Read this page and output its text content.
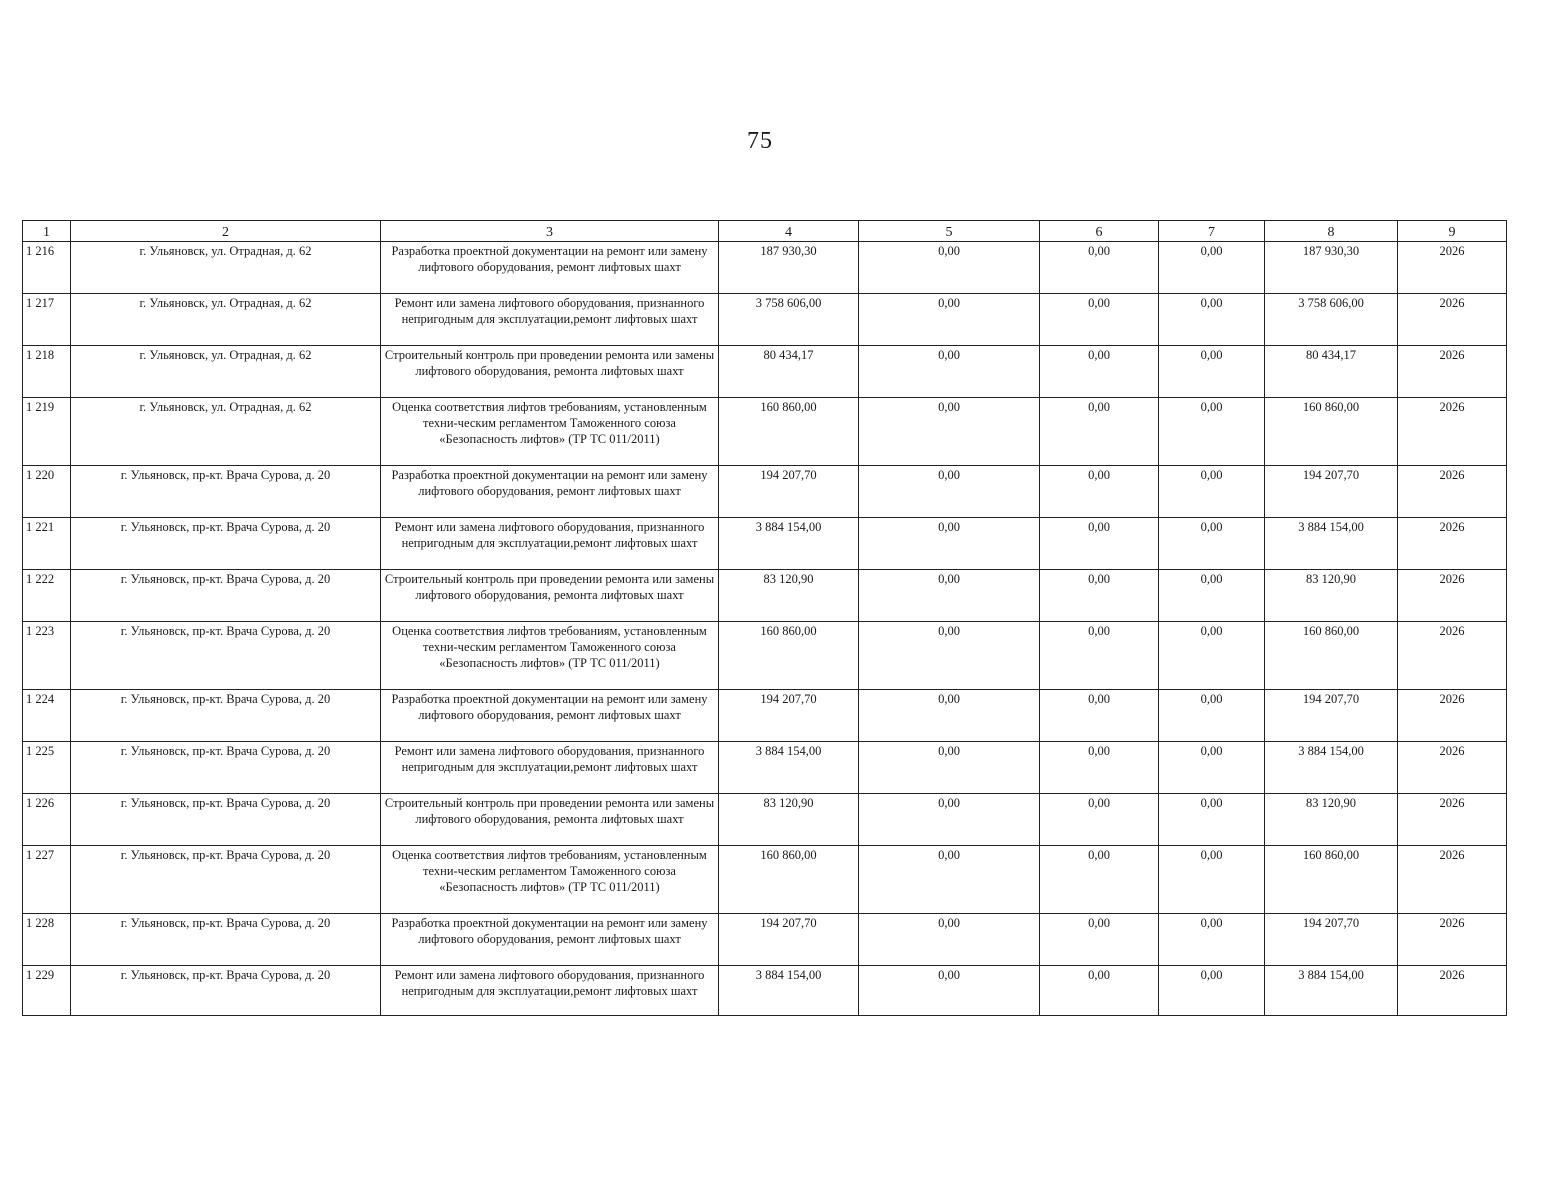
75
1	2	3	4	5	6	7	8	9
1 216	г. Ульяновск, ул. Отрадная, д. 62	Разработка проектной документации на ремонт или замену лифтового оборудования, ремонт лифтовых шахт	187 930,30	0,00	0,00	0,00	187 930,30	2026
1 217	г. Ульяновск, ул. Отрадная, д. 62	Ремонт или замена лифтового оборудования, признанного непригодным для эксплуатации,ремонт лифтовых шахт	3 758 606,00	0,00	0,00	0,00	3 758 606,00	2026
1 218	г. Ульяновск, ул. Отрадная, д. 62	Строительный контроль при проведении ремонта или замены лифтового оборудования, ремонта лифтовых шахт	80 434,17	0,00	0,00	0,00	80 434,17	2026
1 219	г. Ульяновск, ул. Отрадная, д. 62	Оценка соответствия лифтов требованиям, установленным техни-ческим регламентом Таможенного союза «Безопасность лифтов» (ТР ТС 011/2011)	160 860,00	0,00	0,00	0,00	160 860,00	2026
1 220	г. Ульяновск, пр-кт. Врача Сурова, д. 20	Разработка проектной документации на ремонт или замену лифтового оборудования, ремонт лифтовых шахт	194 207,70	0,00	0,00	0,00	194 207,70	2026
1 221	г. Ульяновск, пр-кт. Врача Сурова, д. 20	Ремонт или замена лифтового оборудования, признанного непригодным для эксплуатации,ремонт лифтовых шахт	3 884 154,00	0,00	0,00	0,00	3 884 154,00	2026
1 222	г. Ульяновск, пр-кт. Врача Сурова, д. 20	Строительный контроль при проведении ремонта или замены лифтового оборудования, ремонта лифтовых шахт	83 120,90	0,00	0,00	0,00	83 120,90	2026
1 223	г. Ульяновск, пр-кт. Врача Сурова, д. 20	Оценка соответствия лифтов требованиям, установленным техни-ческим регламентом Таможенного союза «Безопасность лифтов» (ТР ТС 011/2011)	160 860,00	0,00	0,00	0,00	160 860,00	2026
1 224	г. Ульяновск, пр-кт. Врача Сурова, д. 20	Разработка проектной документации на ремонт или замену лифтового оборудования, ремонт лифтовых шахт	194 207,70	0,00	0,00	0,00	194 207,70	2026
1 225	г. Ульяновск, пр-кт. Врача Сурова, д. 20	Ремонт или замена лифтового оборудования, признанного непригодным для эксплуатации,ремонт лифтовых шахт	3 884 154,00	0,00	0,00	0,00	3 884 154,00	2026
1 226	г. Ульяновск, пр-кт. Врача Сурова, д. 20	Строительный контроль при проведении ремонта или замены лифтового оборудования, ремонта лифтовых шахт	83 120,90	0,00	0,00	0,00	83 120,90	2026
1 227	г. Ульяновск, пр-кт. Врача Сурова, д. 20	Оценка соответствия лифтов требованиям, установленным техни-ческим регламентом Таможенного союза «Безопасность лифтов» (ТР ТС 011/2011)	160 860,00	0,00	0,00	0,00	160 860,00	2026
1 228	г. Ульяновск, пр-кт. Врача Сурова, д. 20	Разработка проектной документации на ремонт или замену лифтового оборудования, ремонт лифтовых шахт	194 207,70	0,00	0,00	0,00	194 207,70	2026
1 229	г. Ульяновск, пр-кт. Врача Сурова, д. 20	Ремонт или замена лифтового оборудования, признанного непригодным для эксплуатации,ремонт лифтовых шахт	3 884 154,00	0,00	0,00	0,00	3 884 154,00	2026
